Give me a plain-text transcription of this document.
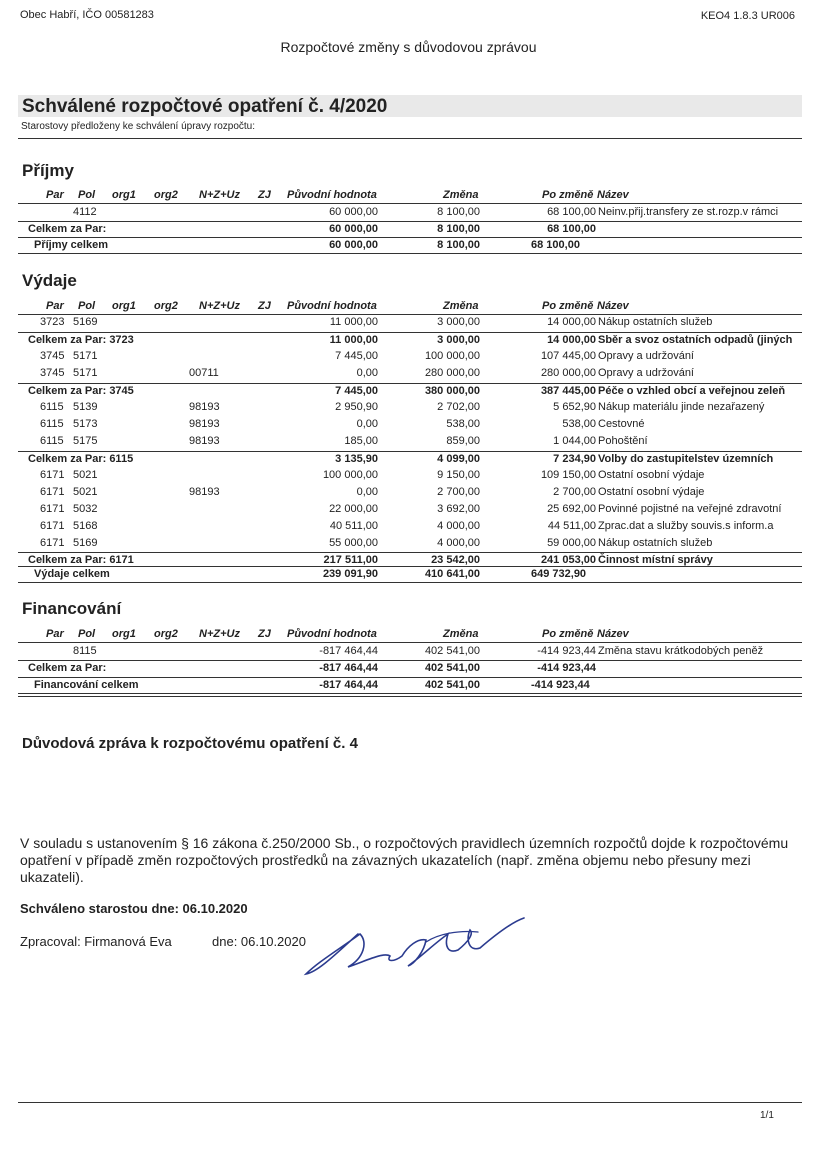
Obec Habří, IČO 00581283	KEO4 1.8.3 UR006
Rozpočtové změny s důvodovou zprávou
Schválené rozpočtové opatření č. 4/2020
Starostovy předloženy ke schválení úpravy rozpočtu:
Příjmy
Par Pol org1 org2 N+Z+Uz ZJ Původní hodnota	Změna	Po změně Název
4112	60 000,00	8 100,00	68 100,00 Neinv.přij.transfery ze st.rozp.v rámci
Celkem za Par:	60 000,00	8 100,00	68 100,00
Příjmy celkem	60 000,00	8 100,00	68 100,00
Výdaje
Par Pol org1 org2 N+Z+Uz ZJ Původní hodnota	Změna	Po změně Název
3723 5169	11 000,00	3 000,00	14 000,00 Nákup ostatních služeb
Celkem za Par: 3723	11 000,00	3 000,00	14 000,00 Sběr a svoz ostatních odpadů (jiných
3745 5171	7 445,00	100 000,00	107 445,00 Opravy a udržování
3745 5171	00711	0,00	280 000,00	280 000,00 Opravy a udržování
Celkem za Par: 3745	7 445,00	380 000,00	387 445,00 Péče o vzhled obcí a veřejnou zeleň
6115 5139	98193	2 950,90	2 702,00	5 652,90 Nákup materiálu jinde nezařazený
6115 5173	98193	0,00	538,00	538,00 Cestovné
6115 5175	98193	185,00	859,00	1 044,00 Pohoštění
Celkem za Par: 6115	3 135,90	4 099,00	7 234,90 Volby do zastupitelstev územních
6171 5021	100 000,00	9 150,00	109 150,00 Ostatní osobní výdaje
6171 5021	98193	0,00	2 700,00	2 700,00 Ostatní osobní výdaje
6171 5032	22 000,00	3 692,00	25 692,00 Povinné pojistné na veřejné zdravotní
6171 5168	40 511,00	4 000,00	44 511,00 Zprac.dat a služby souvis.s inform.a
6171 5169	55 000,00	4 000,00	59 000,00 Nákup ostatních služeb
Celkem za Par: 6171	217 511,00	23 542,00	241 053,00 Činnost místní správy
Výdaje celkem	239 091,90	410 641,00	649 732,90
Financování
Par Pol org1 org2 N+Z+Uz ZJ Původní hodnota	Změna	Po změně Název
8115	-817 464,44	402 541,00	-414 923,44 Změna stavu krátkodobých peněž
Celkem za Par:	-817 464,44	402 541,00	-414 923,44
Financování celkem	-817 464,44	402 541,00	-414 923,44
Důvodová zpráva k rozpočtovému opatření č. 4
V souladu s ustanovením § 16 zákona č.250/2000 Sb., o rozpočtových pravidlech územních rozpočtů dojde k rozpočtovému opatření v případě změn rozpočtových prostředků na závazných ukazatelích (např. změna objemu nebo přesuny mezi ukazateli).
Schváleno starostou dne: 06.10.2020
Zpracoval: Firmanová Eva	dne: 06.10.2020
1/1
